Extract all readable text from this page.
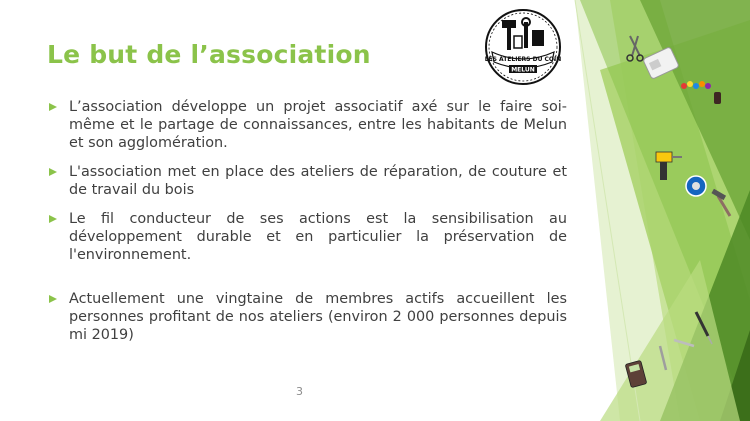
LES ATELIERS DU COIN
MELUN
Le but de l’association
L’association développe un projet associatif axé sur le faire soi-même et le partage de connaissances, entre les habitants de Melun et son agglomération.
L'association met en place des ateliers de réparation, de couture et de travail du bois
Le fil conducteur de ses actions est la sensibilisation au développement durable et en particulier la préservation de l'environnement.
Actuellement une vingtaine de membres actifs accueillent les personnes profitant de nos ateliers (environ 2 000 personnes depuis mi 2019)
3
